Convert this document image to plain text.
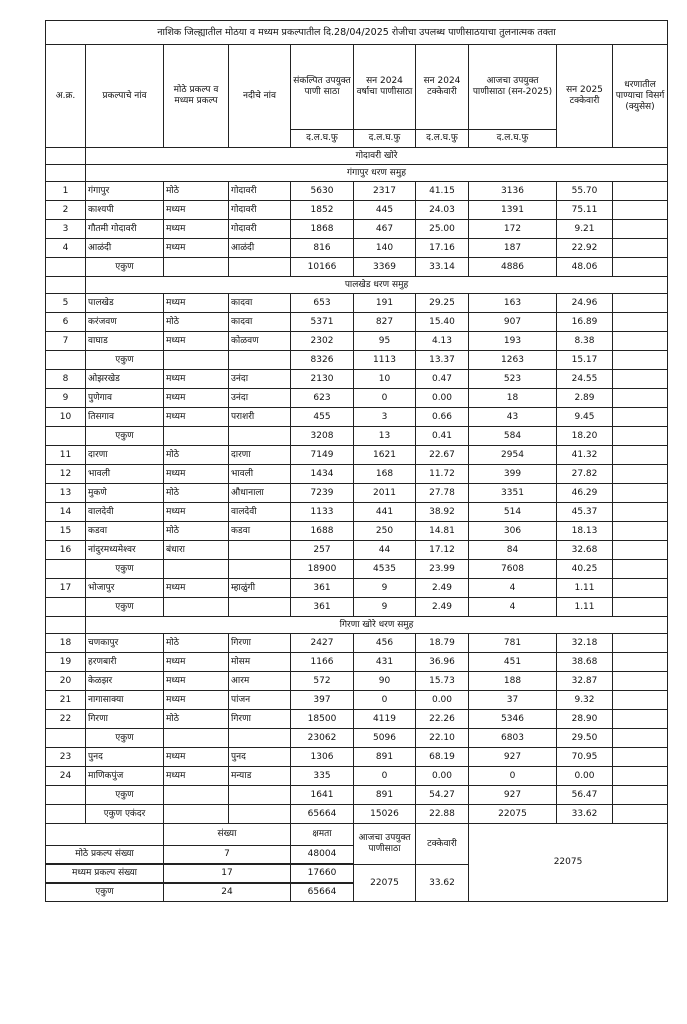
नाशिक जिल्ह्यातील मोठया व मध्यम प्रकल्पातील दि.28/04/2025 रोजीचा उपलब्ध पाणीसाठयाचा तुलनात्मक तक्ता									
अ.क्र.	प्रकल्पाचे नांव	मोठे प्रकल्प व मध्यम प्रकल्प	नदीचे नांव	संकल्पित उपयुक्त पाणी साठा	सन 2024 वर्षाचा पाणीसाठा	सन 2024 टक्केवारी	आजचा उपयुक्त पाणीसाठा (सन-2025)	सन 2025 टक्केवारी	धरणातील पाण्याचा विसर्ग (क्युसेस)
				द.ल.घ.फु	द.ल.घ.फु	द.ल.घ.फु	द.ल.घ.फु		
	गोदावरी खोरे								
	गंगापुर धरण समुह								
1	गंगापुर	मोठे	गोदावरी	5630	2317	41.15	3136	55.70	
2	काश्यपी	मध्यम	गोदावरी	1852	445	24.03	1391	75.11	
3	गौतमी गोदावरी	मध्यम	गोदावरी	1868	467	25.00	172	9.21	
4	आळंदी	मध्यम	आळंदी	816	140	17.16	187	22.92	
	एकुण			10166	3369	33.14	4886	48.06	
	पालखेड धरण समुह								
5	पालखेड	मध्यम	कादवा	653	191	29.25	163	24.96	
6	करंजवण	मोठे	कादवा	5371	827	15.40	907	16.89	
7	वाघाड	मध्यम	कोळवण	2302	95	4.13	193	8.38	
	एकुण			8326	1113	13.37	1263	15.17	
8	ओझरखेड	मध्यम	उनंदा	2130	10	0.47	523	24.55	
9	पुणेगाव	मध्यम	उनंदा	623	0	0.00	18	2.89	
10	तिसगाव	मध्यम	पराशरी	455	3	0.66	43	9.45	
	एकुण			3208	13	0.41	584	18.20	
11	दारणा	मोठे	दारणा	7149	1621	22.67	2954	41.32	
12	भावली	मध्यम	भावली	1434	168	11.72	399	27.82	
13	मुकणे	मोठे	औधानाला	7239	2011	27.78	3351	46.29	
14	वालदेवी	मध्यम	वालदेवी	1133	441	38.92	514	45.37	
15	कडवा	मोठे	कडवा	1688	250	14.81	306	18.13	
16	नांदुरमध्यमेश्वर	बंधारा		257	44	17.12	84	32.68	
	एकुण			18900	4535	23.99	7608	40.25	
17	भोजापुर	मध्यम	म्हाळुंगी	361	9	2.49	4	1.11	
	एकुण			361	9	2.49	4	1.11	
	गिरणा खोरे धरण समुह								
18	चणकापुर	मोठे	गिरणा	2427	456	18.79	781	32.18	
19	हरणबारी	मध्यम	मोसम	1166	431	36.96	451	38.68	
20	केळझर	मध्यम	आरम	572	90	15.73	188	32.87	
21	नागासाक्या	मध्यम	पांजन	397	0	0.00	37	9.32	
22	गिरणा	मोठे	गिरणा	18500	4119	22.26	5346	28.90	
	एकुण			23062	5096	22.10	6803	29.50	
23	पुनद	मध्यम	पुनद	1306	891	68.19	927	70.95	
24	माणिकपुंज	मध्यम	मन्याड	335	0	0.00	0	0.00	
	एकुण			1641	891	54.27	927	56.47	
	एकुण एकंदर			65664	15026	22.88	22075	33.62	
		संख्या		क्षमता	आजचा उपयुक्त पाणीसाठा	टक्केवारी	22075		
मोठे प्रकल्प संख्या		7		48004					

मध्यम प्रकल्प संख्या		17		17660	22075	33.62			

एकुण		24		65664					
